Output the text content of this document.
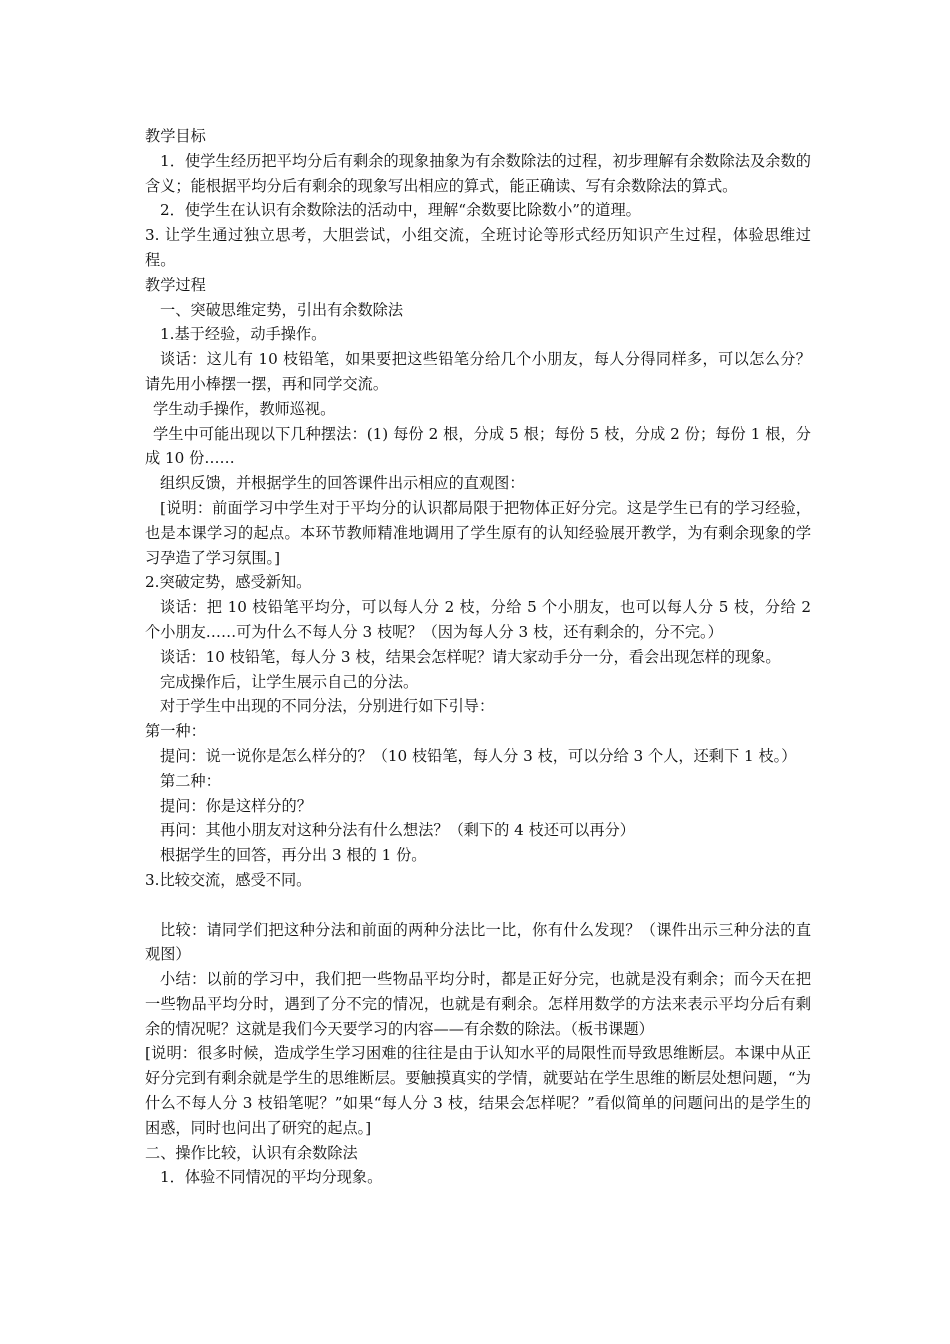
教学目标

1．使学生经历把平均分后有剩余的现象抽象为有余数除法的过程，初步理解有余数除法及余数的含义；能根据平均分后有剩余的现象写出相应的算式，能正确读、写有余数除法的算式。

2．使学生在认识有余数除法的活动中，理解“余数要比除数小”的道理。

3. 让学生通过独立思考，大胆尝试，小组交流，全班讨论等形式经历知识产生过程，体验思维过程。

教学过程

一、突破思维定势，引出有余数除法

1.基于经验，动手操作。

谈话：这儿有 10 枝铅笔，如果要把这些铅笔分给几个小朋友，每人分得同样多，可以怎么分？请先用小棒摆一摆，再和同学交流。

学生动手操作，教师巡视。

学生中可能出现以下几种摆法：(1) 每份 2 根，分成 5 根；每份 5 枝，分成 2 份；每份 1 根，分成 10 份……

组织反馈，并根据学生的回答课件出示相应的直观图：

[说明：前面学习中学生对于平均分的认识都局限于把物体正好分完。这是学生已有的学习经验，也是本课学习的起点。本环节教师精准地调用了学生原有的认知经验展开教学，为有剩余现象的学习孕造了学习氛围。]

2.突破定势，感受新知。

谈话：把 10 枝铅笔平均分，可以每人分 2 枝，分给 5 个小朋友，也可以每人分 5 枝，分给 2 个小朋友……可为什么不每人分 3 枝呢？（因为每人分 3 枝，还有剩余的，分不完。）

谈话：10 枝铅笔，每人分 3 枝，结果会怎样呢？请大家动手分一分，看会出现怎样的现象。

完成操作后，让学生展示自己的分法。

对于学生中出现的不同分法，分别进行如下引导：

第一种：

提问：说一说你是怎么样分的？（10 枝铅笔，每人分 3 枝，可以分给 3 个人，还剩下 1 枝。）

第二种：

提问：你是这样分的？

再问：其他小朋友对这种分法有什么想法？（剩下的 4 枝还可以再分）

根据学生的回答，再分出 3 根的 1 份。

3.比较交流，感受不同。

比较：请同学们把这种分法和前面的两种分法比一比，你有什么发现？（课件出示三种分法的直观图）

小结：以前的学习中，我们把一些物品平均分时，都是正好分完，也就是没有剩余；而今天在把一些物品平均分时，遇到了分不完的情况，也就是有剩余。怎样用数学的方法来表示平均分后有剩余的情况呢？这就是我们今天要学习的内容——有余数的除法。（板书课题）

[说明：很多时候，造成学生学习困难的往往是由于认知水平的局限性而导致思维断层。本课中从正好分完到有剩余就是学生的思维断层。要触摸真实的学情，就要站在学生思维的断层处想问题，“为什么不每人分 3 枝铅笔呢？”如果“每人分 3 枝，结果会怎样呢？”看似简单的问题问出的是学生的困惑，同时也问出了研究的起点。]

二、操作比较，认识有余数除法

1．体验不同情况的平均分现象。
